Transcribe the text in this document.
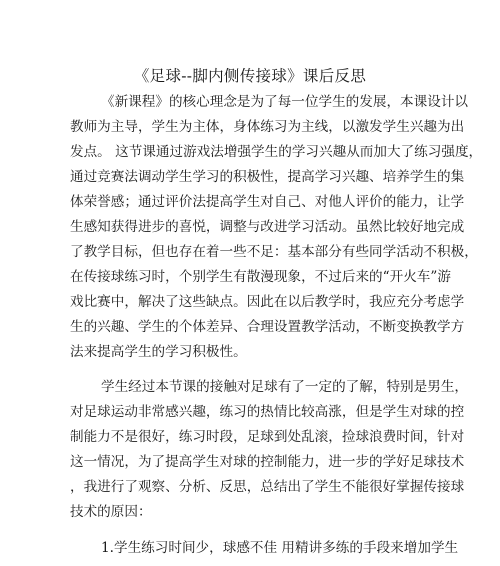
《足球--脚内侧传接球》课后反思
《新课程》的核心理念是为了每一位学生的发展，本课设计以
教师为主导，学生为主体，身体练习为主线，以激发学生兴趣为出
发点。 这节课通过游戏法增强学生的学习兴趣从而加大了练习强度，
通过竞赛法调动学生学习的积极性，提高学习兴趣、培养学生的集
体荣誉感；通过评价法提高学生对自己、对他人评价的能力，让学
生感知获得进步的喜悦，调整与改进学习活动。虽然比较好地完成
了教学目标，但也存在着一些不足：基本部分有些同学活动不积极，
在传接球练习时，个别学生有散漫现象，不过后来的“开火车”游
戏比赛中，解决了这些缺点。因此在以后教学时，我应充分考虑学
生的兴趣、学生的个体差异、合理设置教学活动，不断变换教学方
法来提高学生的学习积极性。
学生经过本节课的接触对足球有了一定的了解，特别是男生，
对足球运动非常感兴趣，练习的热情比较高涨，但是学生对球的控
制能力不是很好，练习时段，足球到处乱滚，捡球浪费时间，针对
这一情况，为了提高学生对球的控制能力，进一步的学好足球技术
，我进行了观察、分析、反思，总结出了学生不能很好掌握传接球
技术的原因：
1.学生练习时间少，球感不佳 用精讲多练的手段来增加学生
